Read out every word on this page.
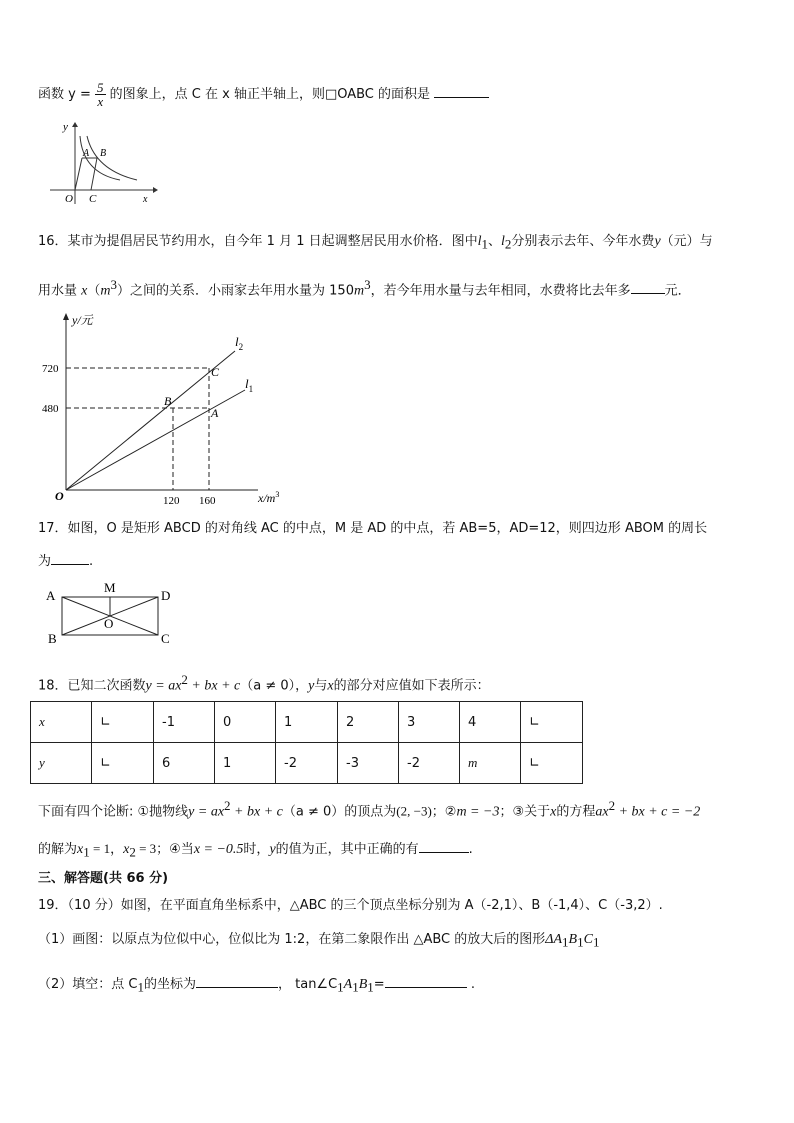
函数 $y = \frac{5}{x}$ 的图象上，点 C 在 x 轴正半轴上，则□OABC 的面积是
y
A B
O C	x
16．某市为提倡居民节约用水，自今年 1 月 1 日起调整居民用水价格．图中$l_1$、$l_2$分别表示去年、今年水费y（元）与
用水量 $x(m^3)$之间的关系．小雨家去年用水量为 $150m^3$，若今年用水量与去年相同，水费将比去年多	元．
y/元
720
480
120 160
O	$x/m^3$
B
C
A
$l_2$
$l_1$
17．如图，O 是矩形 ABCD 的对角线 AC 的中点，M 是 AD 的中点，若 AB=5，AD=12，则四边形 ABOM 的周长
为	.
A
M
D
O
B	C
18．已知二次函数$y = ax^2$ + bx + c（a ≠ 0），y与x的部分对应值如下表所示：
x	∟	-1	0	1	2	3	4	∟
y	∟	6	1	-2	-3	-2	m	∟
下面有四个论断: ①抛物线$y = ax^2$ + bx + c（a ≠ 0）的顶点为(2, −3)；②m = −3；③关于x的方程$ax^2$ + bx + c = −2
的解为$x_1 = 1$，$x_2 = 3$；④当x = −0.5时，y的值为正，其中正确的有	.
三、解答题(共 66 分)
19．（10 分）如图，在平面直角坐标系中，△ABC 的三个顶点坐标分别为 A（-2,1）、B（-1,4）、C（-3,2）.
（1）画图：以原点为位似中心，位似比为 1:2，在第二象限作出 △ABC 的放大后的图形$\Delta A_1B_1C_1$
（2）填空：点 $C_1$的坐标为	， $\tan\angle C_1A_1B_1=$	.
